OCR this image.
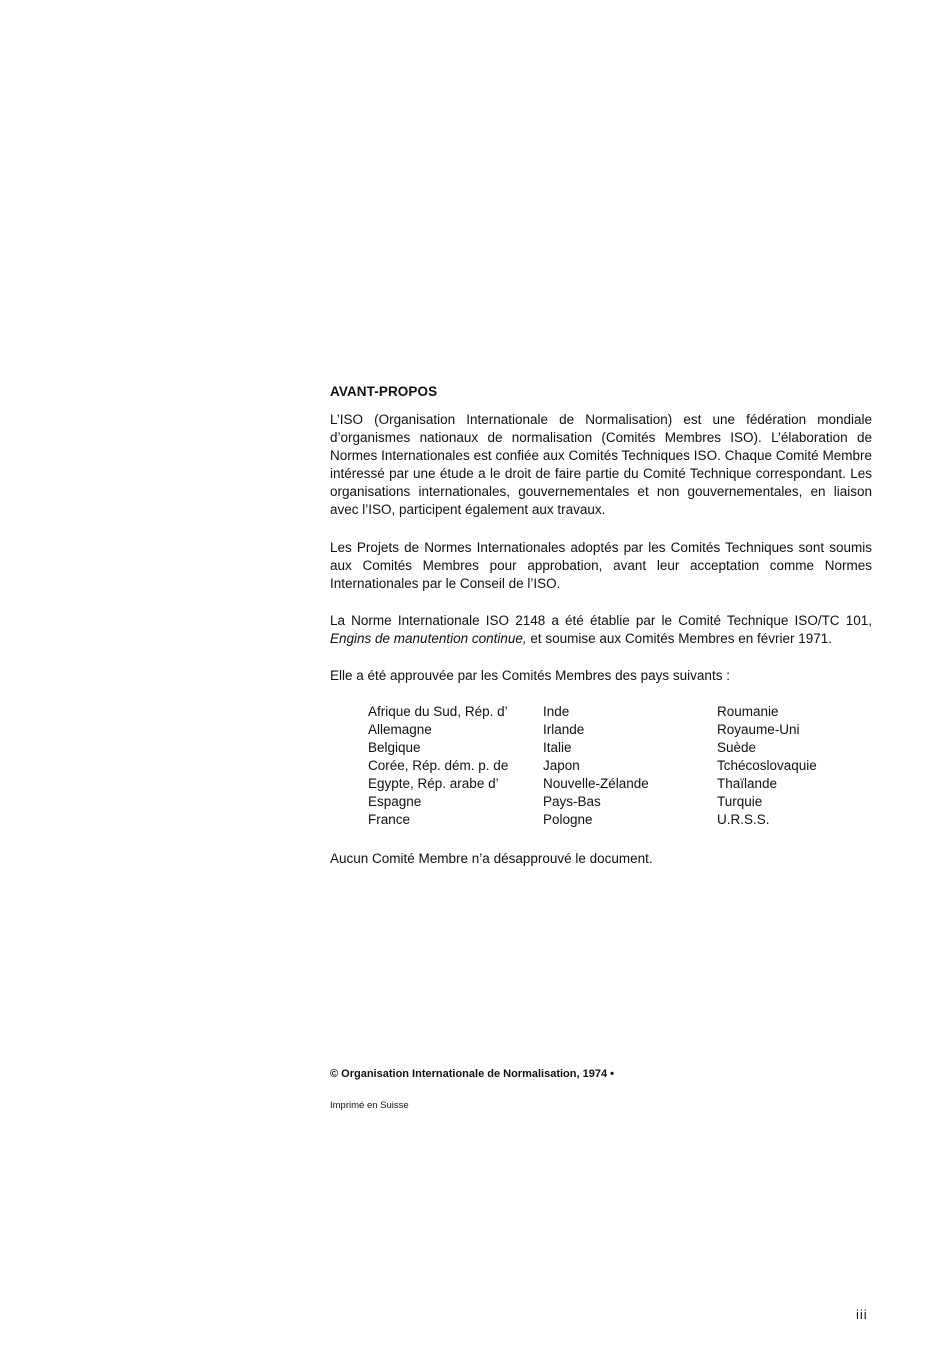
AVANT-PROPOS

L’ISO (Organisation Internationale de Normalisation) est une fédération mondiale d’organismes nationaux de normalisation (Comités Membres ISO). L’élaboration de Normes Internationales est confiée aux Comités Techniques ISO. Chaque Comité Membre intéressé par une étude a le droit de faire partie du Comité Technique correspondant. Les organisations internationales, gouvernementales et non gouvernementales, en liaison avec l’ISO, participent également aux travaux.

Les Projets de Normes Internationales adoptés par les Comités Techniques sont soumis aux Comités Membres pour approbation, avant leur acceptation comme Normes Internationales par le Conseil de l’ISO.

La Norme Internationale ISO 2148 a été établie par le Comité Technique ISO/TC 101, Engins de manutention continue, et soumise aux Comités Membres en février 1971.

Elle a été approuvée par les Comités Membres des pays suivants :

Afrique du Sud, Rép. d’
Allemagne
Belgique
Corée, Rép. dém. p. de
Egypte, Rép. arabe d’
Espagne
France
Inde
Irlande
Italie
Japon
Nouvelle-Zélande
Pays-Bas
Pologne
Roumanie
Royaume-Uni
Suède
Tchécoslovaquie
Thaïlande
Turquie
U.R.S.S.

Aucun Comité Membre n’a désapprouvé le document.

© Organisation Internationale de Normalisation, 1974 •
Imprimé en Suisse
iii
